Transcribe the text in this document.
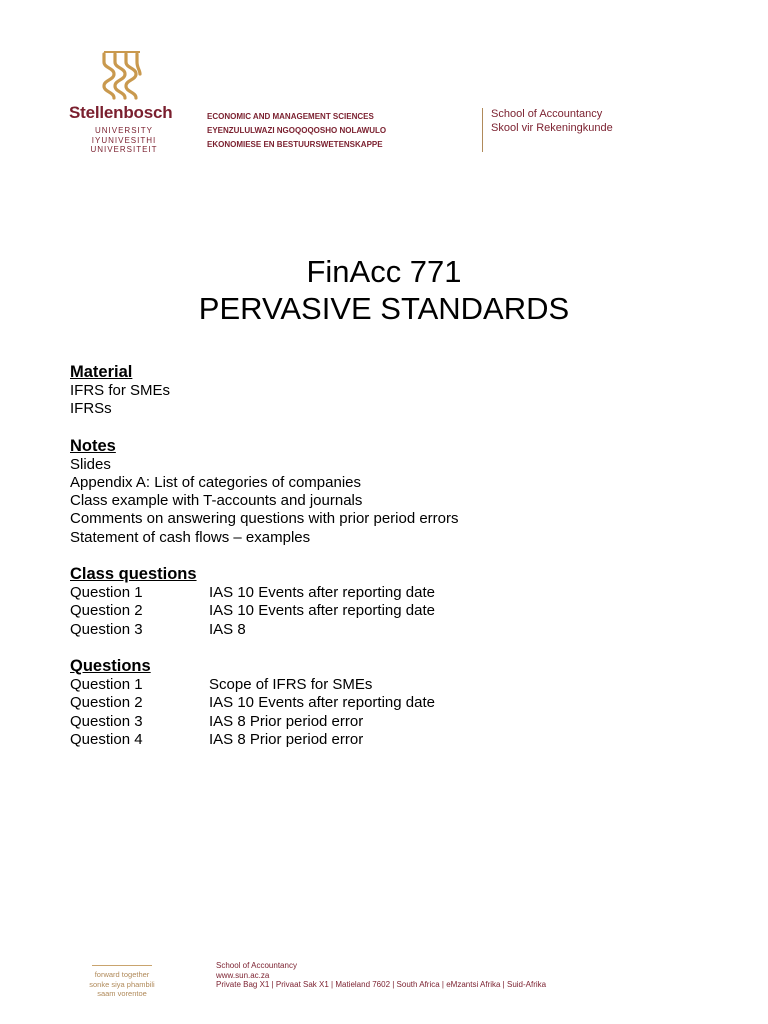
Stellenbosch
UNIVERSITY
IYUNIVESITHI
UNIVERSITEIT
ECONOMIC AND MANAGEMENT SCIENCES
EYENZULULWAZI NGOQOQOSHO NOLAWULO
EKONOMIESE EN BESTUURSWETENSKAPPE
School of Accountancy
Skool vir Rekeningkunde
FinAcc 771
PERVASIVE STANDARDS
Material
IFRS for SMEs
IFRSs
Notes
Slides
Appendix A: List of categories of companies
Class example with T-accounts and journals
Comments on answering questions with prior period errors
Statement of cash flows – examples
Class questions
Question 1	IAS 10 Events after reporting date
Question 2	IAS 10 Events after reporting date
Question 3	IAS 8
Questions
Question 1	Scope of IFRS for SMEs
Question 2	IAS 10 Events after reporting date
Question 3	IAS 8 Prior period error
Question 4	IAS 8 Prior period error
forward together
sonke siya phambili
saam vorentoe
School of Accountancy
www.sun.ac.za
Private Bag X1 | Privaat Sak X1 | Matieland 7602 | South Africa | eMzantsi Afrika | Suid-Afrika
